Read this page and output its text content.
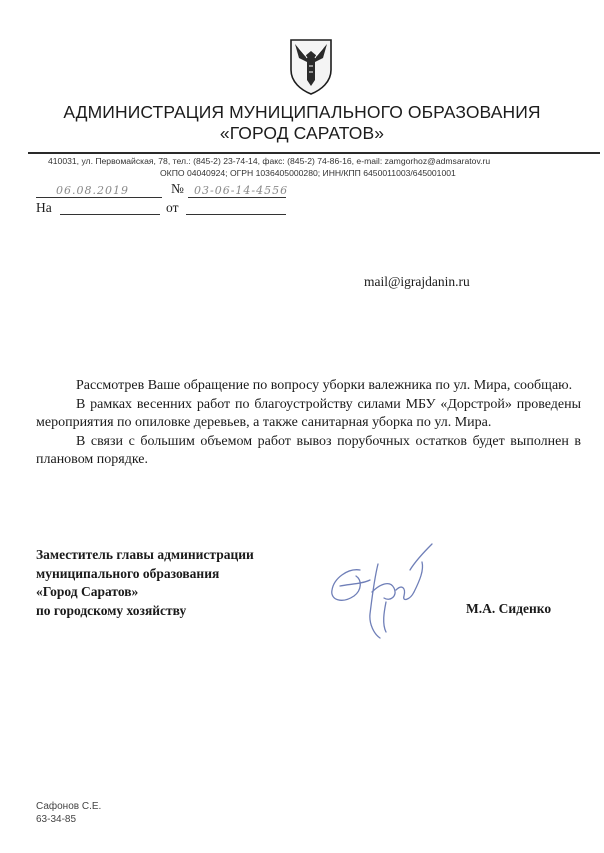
АДМИНИСТРАЦИЯ МУНИЦИПАЛЬНОГО ОБРАЗОВАНИЯ
«ГОРОД САРАТОВ»
410031, ул. Первомайская, 78, тел.: (845-2) 23-74-14, факс: (845-2) 74-86-16, e-mail: zamgorhoz@admsaratov.ru
ОКПО 04040924; ОГРН 1036405000280; ИНН/КПП 6450011003/645001001
06.08.2019	№ 03-06-14-4556
На	от
mail@igrajdanin.ru

Рассмотрев Ваше обращение по вопросу уборки валежника по ул. Мира, сообщаю.

В рамках весенних работ по благоустройству силами МБУ «Дорстрой» проведены мероприятия по опиловке деревьев, а также санитарная уборка по ул. Мира.

В связи с большим объемом работ вывоз порубочных остатков будет выполнен в плановом порядке.

Заместитель главы администрации
муниципального образования
«Город Саратов»
по городскому хозяйству	М.А. Сиденко
Сафонов С.Е.
63-34-85
